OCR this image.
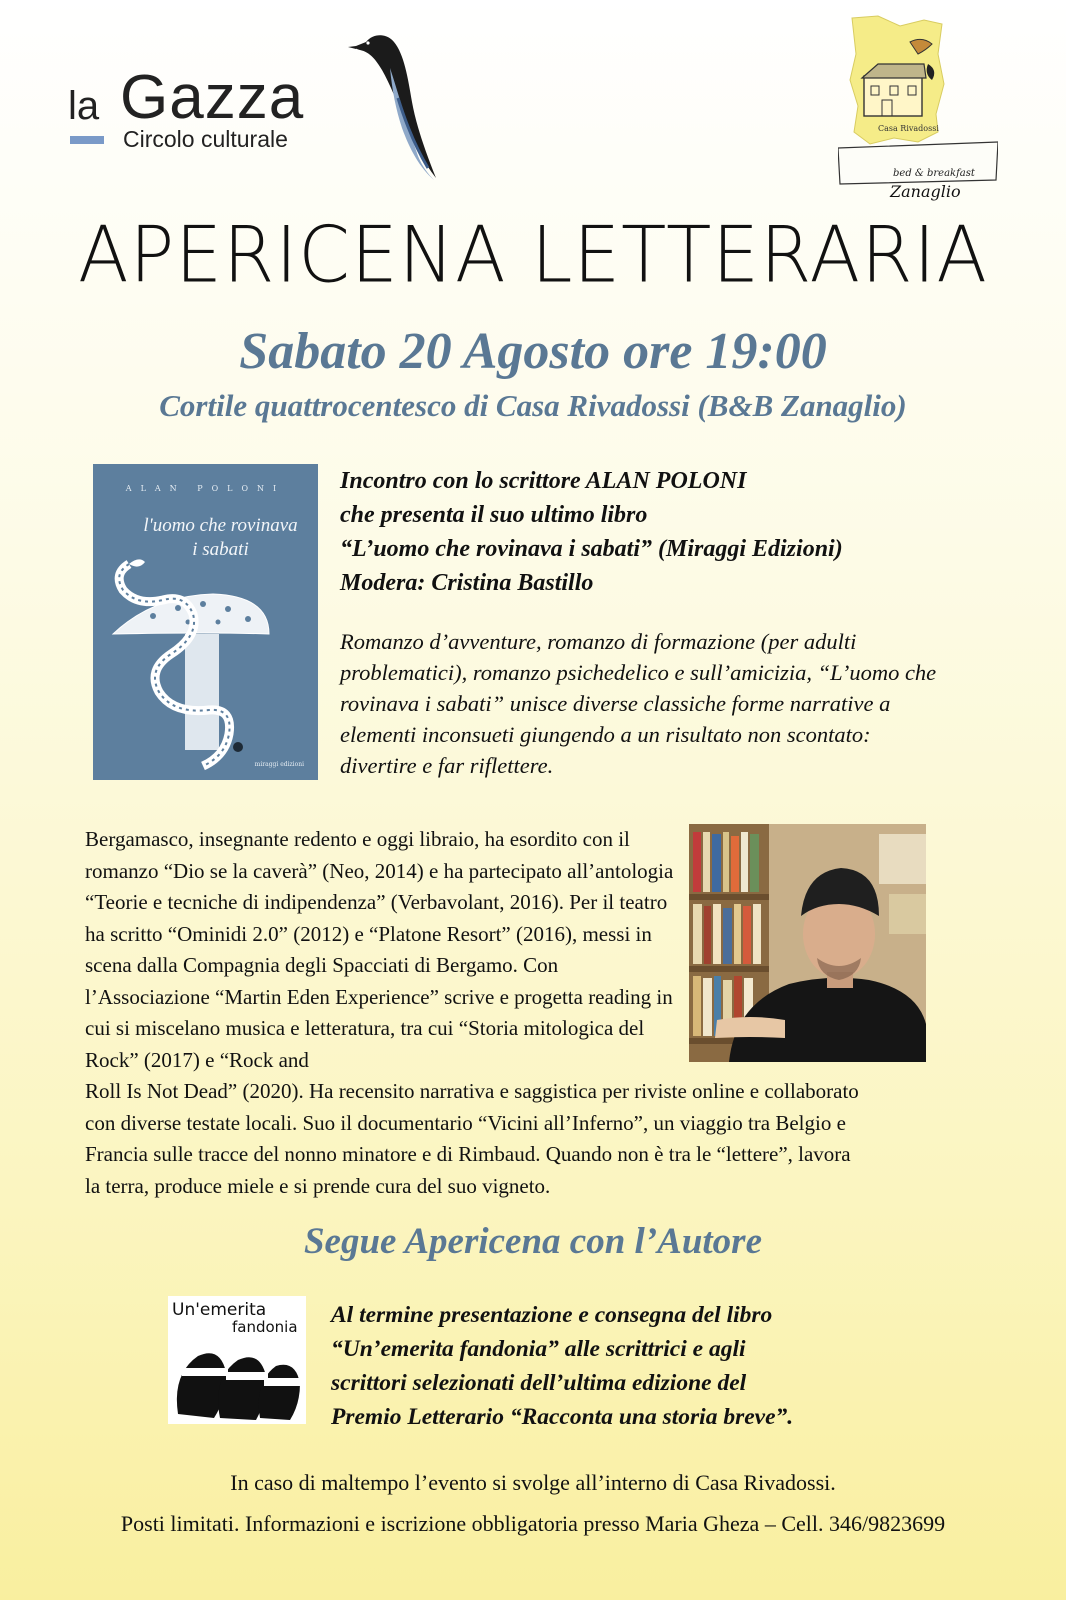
la Gazza
Circolo culturale	Casa Rivadossi
bed & breakfast
Zanaglio
APERICENA LETTERARIA
Sabato 20 Agosto ore 19:00
Cortile quattrocentesco di Casa Rivadossi (B&B Zanaglio)
ALAN POLONI
l'uomo che rovinava
i sabati
miraggi edizioni
Incontro con lo scrittore ALAN POLONI
che presenta il suo ultimo libro
“L’uomo che rovinava i sabati” (Miraggi Edizioni)
Modera: Cristina Bastillo
Romanzo d’avventure, romanzo di formazione (per adulti problematici), romanzo psichedelico e sull’amicizia, “L’uomo che rovinava i sabati” unisce diverse classiche forme narrative a elementi inconsueti giungendo a un risultato non scontato: divertire e far riflettere.
Bergamasco, insegnante redento e oggi libraio, ha esordito con il romanzo “Dio se la caverà” (Neo, 2014) e ha partecipato all’antologia “Teorie e tecniche di indipendenza” (Verbavolant, 2016). Per il teatro ha scritto “Ominidi 2.0” (2012) e “Platone Resort” (2016), messi in scena dalla Compagnia degli Spacciati di Bergamo. Con l’Associazione “Martin Eden Experience” scrive e progetta reading in cui si miscelano musica e letteratura, tra cui “Storia mitologica del Rock” (2017) e “Rock and
Roll Is Not Dead” (2020). Ha recensito narrativa e saggistica per riviste online e collaborato
con diverse testate locali. Suo il documentario “Vicini all’Inferno”, un viaggio tra Belgio e
Francia sulle tracce del nonno minatore e di Rimbaud. Quando non è tra le “lettere”, lavora
la terra, produce miele e si prende cura del suo vigneto.
Segue Apericena con l’Autore
Un'emerita
fandonia Al termine presentazione e consegna del libro
“Un’emerita fandonia” alle scrittrici e agli
scrittori selezionati dell’ultima edizione del
Premio Letterario “Racconta una storia breve”.
In caso di maltempo l’evento si svolge all’interno di Casa Rivadossi.
Posti limitati. Informazioni e iscrizione obbligatoria presso Maria Gheza – Cell. 346/9823699
